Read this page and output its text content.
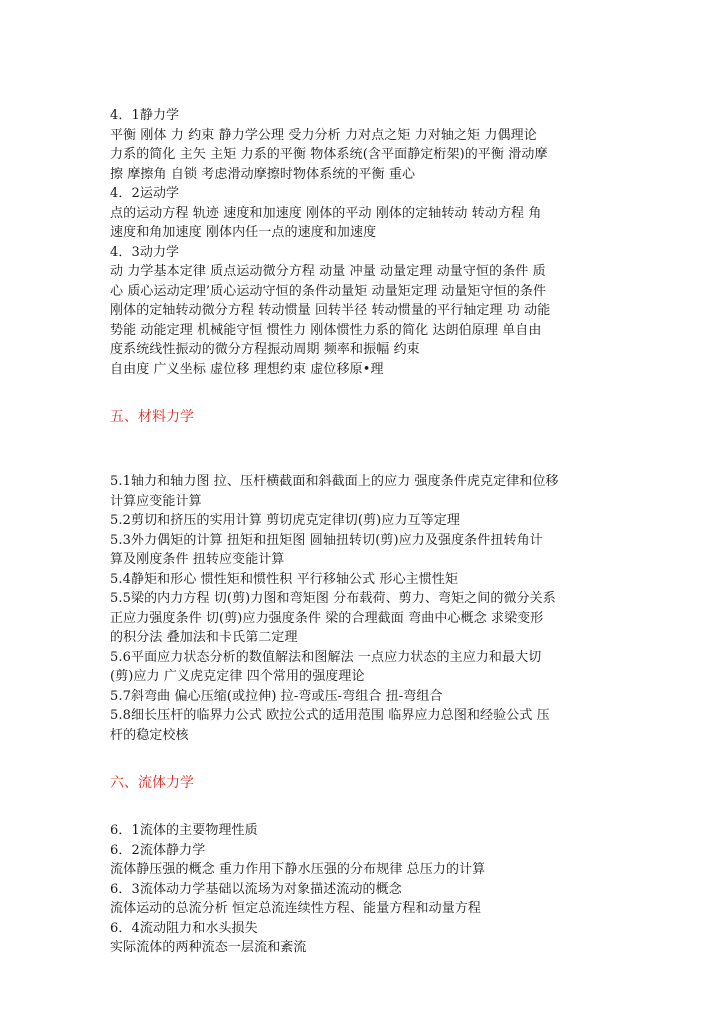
4．1静力学
平衡 刚体 力 约束 静力学公理 受力分析 力对点之矩 力对轴之矩 力偶理论
力系的简化 主矢 主矩 力系的平衡 物体系统(含平面静定桁架)的平衡 滑动摩
擦 摩擦角 自锁 考虑滑动摩擦时物体系统的平衡 重心
4．2运动学
点的运动方程 轨迹 速度和加速度 刚体的平动 刚体的定轴转动 转动方程 角
速度和角加速度 刚体内任一点的速度和加速度
4．3动力学
动 力学基本定律 质点运动微分方程 动量 冲量 动量定理 动量守恒的条件 质
心 质心运动定理’质心运动守恒的条件动量矩 动量矩定理 动量矩守恒的条件
刚体的定轴转动微分方程 转动惯量 回转半径 转动惯量的平行轴定理 功 动能
势能 动能定理 机械能守恒 惯性力 刚体惯性力系的简化 达朗伯原理 单自由
度系统线性振动的微分方程振动周期 频率和振幅 约束
自由度 广义坐标 虚位移 理想约束 虚位移原•理
五、材料力学
5.1轴力和轴力图 拉、压杆横截面和斜截面上的应力 强度条件虎克定律和位移
计算应变能计算
5.2剪切和挤压的实用计算 剪切虎克定律切(剪)应力互等定理
5.3外力偶矩的计算 扭矩和扭矩图 圆轴扭转切(剪)应力及强度条件扭转角计
算及刚度条件 扭转应变能计算
5.4静矩和形心 惯性矩和惯性积 平行移轴公式 形心主惯性矩
5.5梁的内力方程 切(剪)力图和弯矩图 分布载荷、剪力、弯矩之间的微分关系
正应力强度条件 切(剪)应力强度条件 梁的合理截面 弯曲中心概念 求梁变形
的积分法 叠加法和卡氏第二定理
5.6平面应力状态分析的数值解法和图解法 一点应力状态的主应力和最大切
(剪)应力 广义虎克定律 四个常用的强度理论
5.7斜弯曲 偏心压缩(或拉伸) 拉-弯或压-弯组合 扭-弯组合
5.8细长压杆的临界力公式 欧拉公式的适用范围 临界应力总图和经验公式 压
杆的稳定校核
六、流体力学
6．1流体的主要物理性质
6．2流体静力学
流体静压强的概念 重力作用下静水压强的分布规律 总压力的计算
6．3流体动力学基础以流场为对象描述流动的概念
流体运动的总流分析 恒定总流连续性方程、能量方程和动量方程
6．4流动阻力和水头损失
实际流体的两种流态一层流和紊流
